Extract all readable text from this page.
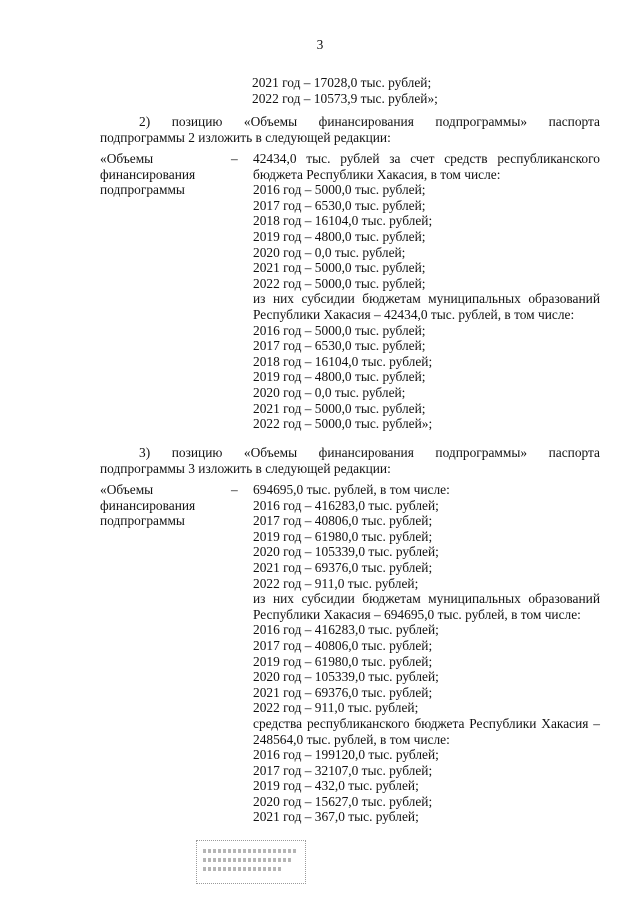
3
2021 год – 17028,0 тыс. рублей;
2022 год – 10573,9 тыс. рублей»;
2)    позицию    «Объемы    финансирования    подпрограммы»    паспорта подпрограммы 2 изложить в следующей редакции:
«Объемы
финансирования
подпрограммы
– 42434,0 тыс. рублей за счет средств республиканского бюджета Республики Хакасия, в том числе:
2016 год – 5000,0 тыс. рублей;
2017 год – 6530,0 тыс. рублей;
2018 год – 16104,0 тыс. рублей;
2019 год – 4800,0 тыс. рублей;
2020 год – 0,0 тыс. рублей;
2021 год – 5000,0 тыс. рублей;
2022 год – 5000,0 тыс. рублей;
из них субсидии бюджетам муниципальных образований Республики Хакасия – 42434,0 тыс. рублей, в том числе:
2016 год – 5000,0 тыс. рублей;
2017 год – 6530,0 тыс. рублей;
2018 год – 16104,0 тыс. рублей;
2019 год – 4800,0 тыс. рублей;
2020 год – 0,0 тыс. рублей;
2021 год – 5000,0 тыс. рублей;
2022 год – 5000,0 тыс. рублей»;
3)    позицию    «Объемы    финансирования    подпрограммы»    паспорта подпрограммы 3 изложить в следующей редакции:
«Объемы
финансирования
подпрограммы
– 694695,0 тыс. рублей, в том числе:
2016 год – 416283,0 тыс. рублей;
2017 год – 40806,0 тыс. рублей;
2019 год – 61980,0 тыс. рублей;
2020 год – 105339,0 тыс. рублей;
2021 год – 69376,0 тыс. рублей;
2022 год – 911,0 тыс. рублей;
из них субсидии бюджетам муниципальных образований Республики Хакасия – 694695,0 тыс. рублей, в том числе:
2016 год – 416283,0 тыс. рублей;
2017 год – 40806,0 тыс. рублей;
2019 год – 61980,0 тыс. рублей;
2020 год – 105339,0 тыс. рублей;
2021 год – 69376,0 тыс. рублей;
2022 год – 911,0 тыс. рублей;
средства республиканского бюджета Республики Хакасия – 248564,0 тыс. рублей, в том числе:
2016 год – 199120,0 тыс. рублей;
2017 год – 32107,0 тыс. рублей;
2019 год – 432,0 тыс. рублей;
2020 год – 15627,0 тыс. рублей;
2021 год – 367,0 тыс. рублей;
